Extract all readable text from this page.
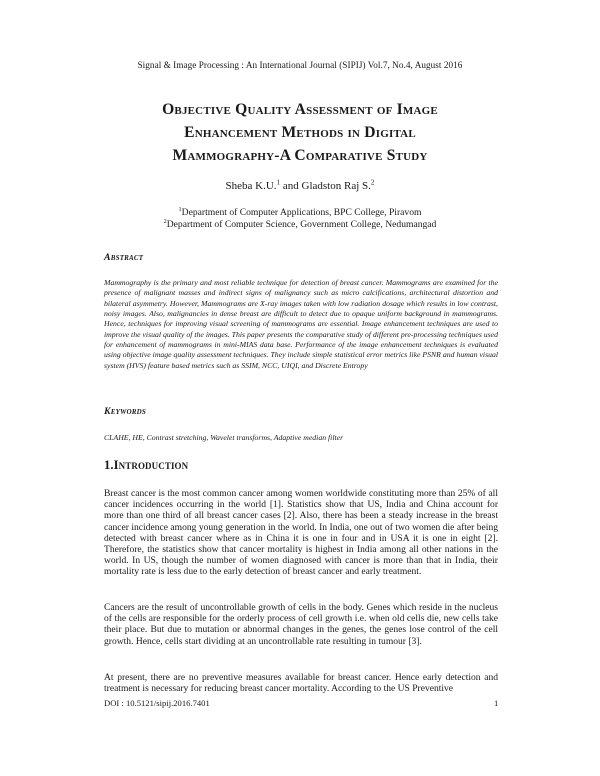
Signal & Image Processing : An International Journal (SIPIJ) Vol.7, No.4, August 2016
Objective Quality Assessment of Image
Enhancement Methods in Digital
Mammography-A Comparative Study
Sheba K.U.$^1$ and Gladston Raj S.$^2$
$^1$Department of Computer Applications, BPC College, Piravom
$^2$Department of Computer Science, Government College, Nedumangad
Abstract
Mammography is the primary and most reliable technique for detection of breast cancer. Mammograms are examined for the presence of malignant masses and indirect signs of malignancy such as micro calcifications, architectural distortion and bilateral asymmetry. However, Mammograms are X-ray images taken with low radiation dosage which results in low contrast, noisy images. Also, malignancies in dense breast are difficult to detect due to opaque uniform background in mammograms. Hence, techniques for improving visual screening of mammograms are essential. Image enhancement techniques are used to improve the visual quality of the images. This paper presents the comparative study of different pre-processing techniques used for enhancement of mammograms in mini-MIAS data base. Performance of the image enhancement techniques is evaluated using objective image quality assessment techniques. They include simple statistical error metrics like PSNR and human visual system (HVS) feature based metrics such as SSIM, NCC, UIQI, and Discrete Entropy
Keywords
CLAHE, HE, Contrast stretching, Wavelet transforms, Adaptive median filter
1.Introduction
Breast cancer is the most common cancer among women worldwide constituting more than 25% of all cancer incidences occurring in the world [1]. Statistics show that US, India and China account for more than one third of all breast cancer cases [2]. Also, there has been a steady increase in the breast cancer incidence among young generation in the world. In India, one out of two women die after being detected with breast cancer where as in China it is one in four and in USA it is one in eight [2]. Therefore, the statistics show that cancer mortality is highest in India among all other nations in the world. In US, though the number of women diagnosed with cancer is more than that in India, their mortality rate is less due to the early detection of breast cancer and early treatment.
Cancers are the result of uncontrollable growth of cells in the body. Genes which reside in the nucleus of the cells are responsible for the orderly process of cell growth i.e. when old cells die, new cells take their place. But due to mutation or abnormal changes in the genes, the genes lose control of the cell growth. Hence, cells start dividing at an uncontrollable rate resulting in tumour [3].
At present, there are no preventive measures available for breast cancer. Hence early detection and treatment is necessary for reducing breast cancer mortality. According to the US Preventive
DOI : 10.5121/sipij.2016.7401	1
